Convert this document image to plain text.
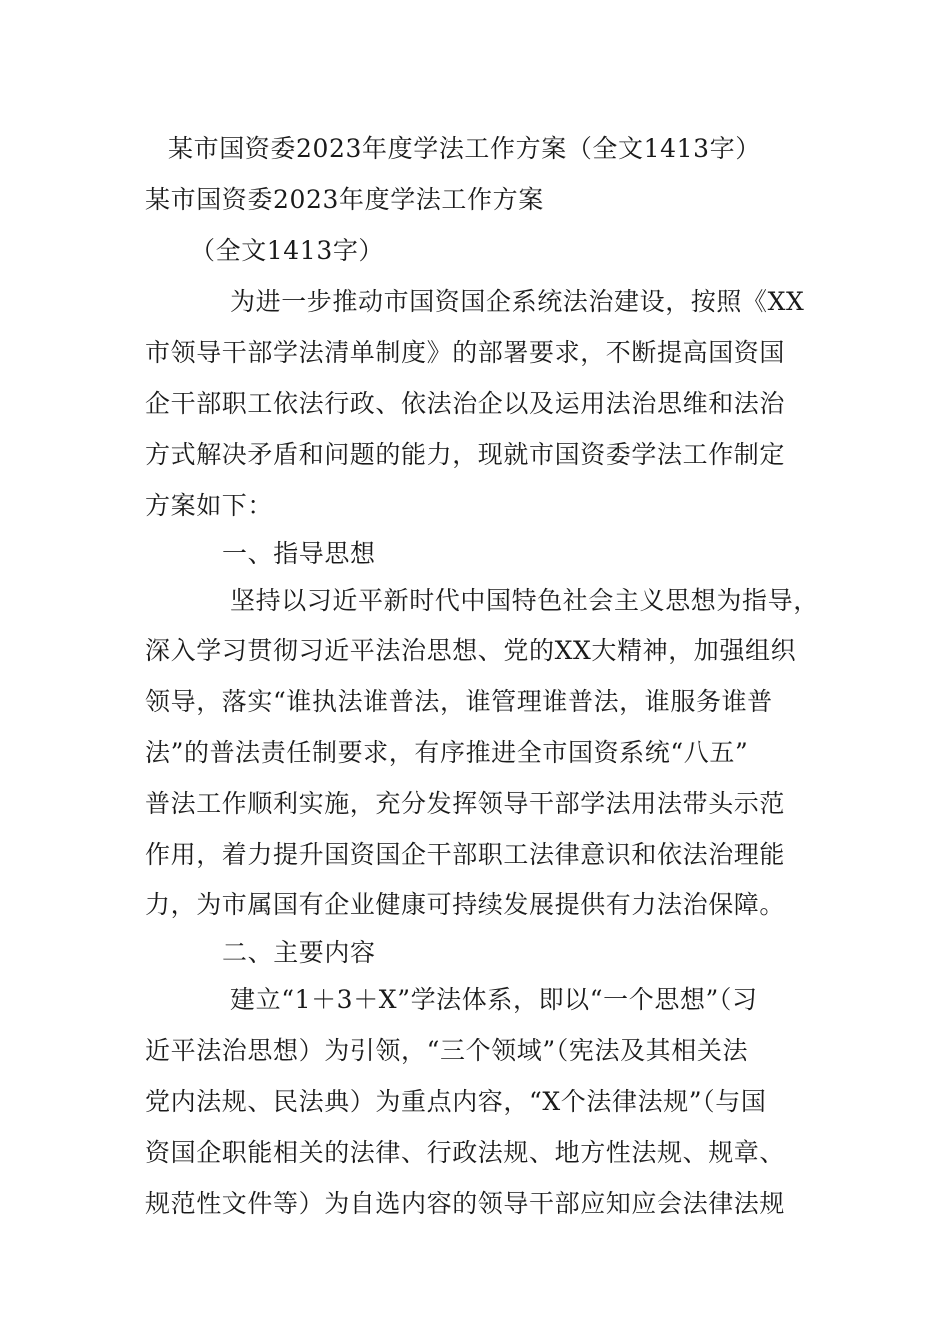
某市国资委2023年度学法工作方案（全文1413字）
某市国资委2023年度学法工作方案
（全文1413字）
为进一步推动市国资国企系统法治建设，按照《XX
市领导干部学法清单制度》的部署要求，不断提高国资国
企干部职工依法行政、依法治企以及运用法治思维和法治
方式解决矛盾和问题的能力，现就市国资委学法工作制定
方案如下：
一、指导思想
坚持以习近平新时代中国特色社会主义思想为指导，
深入学习贯彻习近平法治思想、党的XX大精神，加强组织
领导，落实“谁执法谁普法，谁管理谁普法，谁服务谁普
法”的普法责任制要求，有序推进全市国资系统“八五”
普法工作顺利实施，充分发挥领导干部学法用法带头示范
作用，着力提升国资国企干部职工法律意识和依法治理能
力，为市属国有企业健康可持续发展提供有力法治保障。
二、主要内容
建立“1＋3＋X”学法体系，即以“一个思想”（习
近平法治思想）为引领，“三个领域”（宪法及其相关法
党内法规、民法典）为重点内容，“X个法律法规”（与国
资国企职能相关的法律、行政法规、地方性法规、规章、
规范性文件等）为自选内容的领导干部应知应会法律法规
